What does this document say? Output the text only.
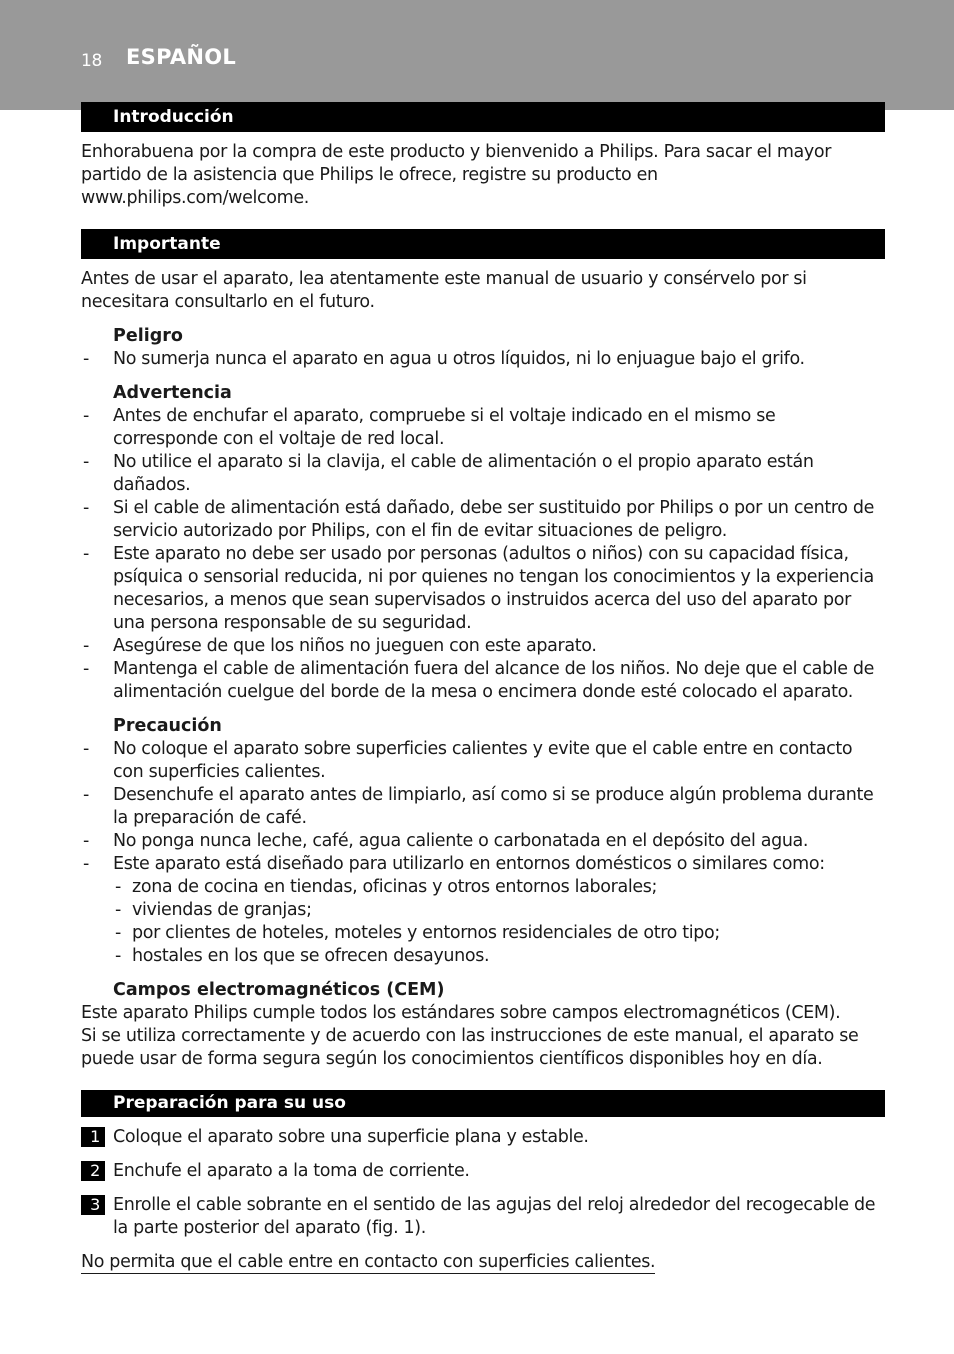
18 ESPAÑOL
Introducción

Enhorabuena por la compra de este producto y bienvenido a Philips. Para sacar el mayor partido de la asistencia que Philips le ofrece, registre su producto en www.philips.com/welcome.

Importante

Antes de usar el aparato, lea atentamente este manual de usuario y consérvelo por si necesitara consultarlo en el futuro.

Peligro
- No sumerja nunca el aparato en agua u otros líquidos, ni lo enjuague bajo el grifo.
Advertencia
- Antes de enchufar el aparato, compruebe si el voltaje indicado en el mismo se corresponde con el voltaje de red local.
- No utilice el aparato si la clavija, el cable de alimentación o el propio aparato están dañados.
- Si el cable de alimentación está dañado, debe ser sustituido por Philips o por un centro de servicio autorizado por Philips, con el fin de evitar situaciones de peligro.
- Este aparato no debe ser usado por personas (adultos o niños) con su capacidad física, psíquica o sensorial reducida, ni por quienes no tengan los conocimientos y la experiencia necesarios, a menos que sean supervisados o instruidos acerca del uso del aparato por una persona responsable de su seguridad.
- Asegúrese de que los niños no jueguen con este aparato.
- Mantenga el cable de alimentación fuera del alcance de los niños. No deje que el cable de alimentación cuelgue del borde de la mesa o encimera donde esté colocado el aparato.
Precaución
- No coloque el aparato sobre superficies calientes y evite que el cable entre en contacto con superficies calientes.
- Desenchufe el aparato antes de limpiarlo, así como si se produce algún problema durante la preparación de café.
- No ponga nunca leche, café, agua caliente o carbonatada en el depósito del agua.
- Este aparato está diseñado para utilizarlo en entornos domésticos o similares como:
- zona de cocina en tiendas, oficinas y otros entornos laborales;
- viviendas de granjas;
- por clientes de hoteles, moteles y entornos residenciales de otro tipo;
- hostales en los que se ofrecen desayunos.
Campos electromagnéticos (CEM)

Este aparato Philips cumple todos los estándares sobre campos electromagnéticos (CEM).

Si se utiliza correctamente y de acuerdo con las instrucciones de este manual, el aparato se puede usar de forma segura según los conocimientos científicos disponibles hoy en día.

Preparación para su uso
1 Coloque el aparato sobre una superficie plana y estable.
2 Enchufe el aparato a la toma de corriente.
3 Enrolle el cable sobrante en el sentido de las agujas del reloj alrededor del recogecable de la parte posterior del aparato (fig. 1).
No permita que el cable entre en contacto con superficies calientes.
